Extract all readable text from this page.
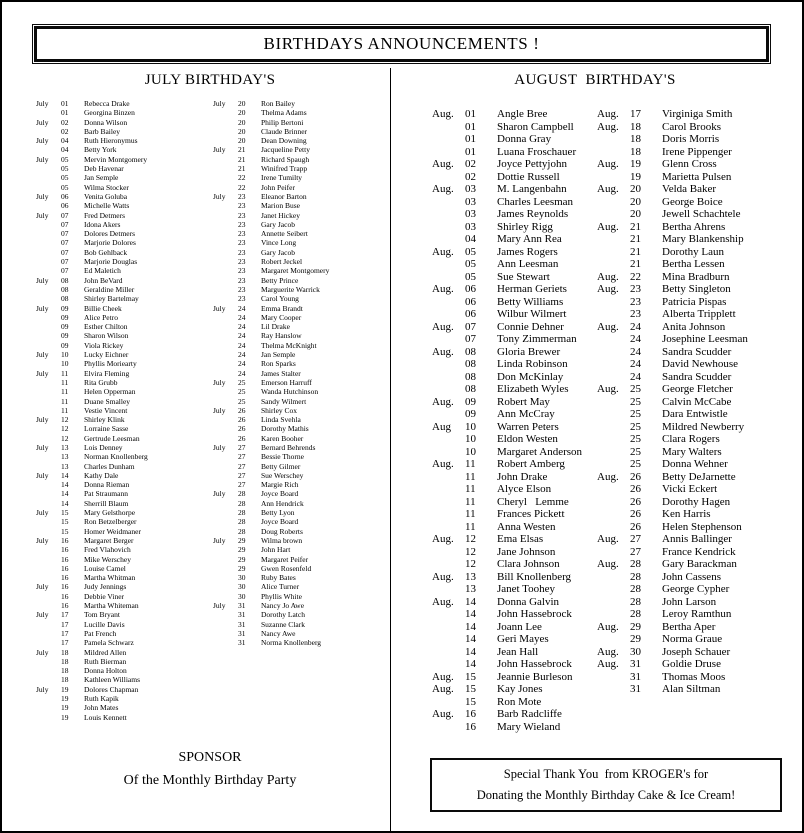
BIRTHDAYS ANNOUNCEMENTS !
JULY BIRTHDAY'S	AUGUST  BIRTHDAY'S
July	01	Rebecca Drake
01	Georgina Binzen
July	02	Donna Wilson
02	Barb Bailey
July	04	Ruth Hieronymus
04	Betty York
July	05	Mervin Montgomery
05	Deb Havenar
05	Jan Semple
05	Wilma Stocker
July	06	Venita Goluba
06	Michelle Watts
July	07	Fred Detmers
07	Idona Akers
07	Dolores Detmers
07	Marjorie Dolores
07	Bob Gehlback
07	Marjorie Douglas
07	Ed Maletich
July	08	John BeVard
08	Geraldine Miller
08	Shirley Bartelmay
July	09	Billie Cheek
09	Alice Petro
09	Esther Chilton
09	Sharon Wilson
09	Viola Rickey
July	10	Lucky Eichner
10	Phyllis Moriearty
July	11	Elvira Fleming
11	Rita Grubb
11	Helen Opperman
11	Duane Smalley
11	Vestie Vincent
July	12	Shirley Klink
12	Lorraine Sasse
12	Gertrude Leesman
July	13	Lois Denney
13	Norman Knollenberg
13	Charles Dunham
July	14	Kathy Dale
14	Donna Rieman
14	Pat Straumann
14	Sherrill Blaum
July	15	Mary Gelsthorpe
15	Ron Betzelberger
15	Homer Weidmaner
July	16	Margaret Berger
16	Fred Vlahovich
16	Mike Werschey
16	Louise Camel
16	Martha Whitman
July	16	Judy Jennings
16	Debbie Viner
16	Martha Whiteman
July	17	Tom Bryant
17	Lucille Davis
17	Pat French
17	Pamela Schwarz
July	18	Mildred Allen
18	Ruth Bierman
18	Donna Holton
18	Kathleen Williams
July	19	Dolores Chapman
19	Ruth Kapik
19	John Mates
19	Louis Kennett
July	20	Ron Bailey
20	Thelma Adams
20	Philip Bertoni
20	Claude Brinner
20	Dean Downing
July	21	Jacqueline Petty
21	Richard Spaugh
21	Winifred Trapp
22	Irene Tumilty
22	John Peifer
July	23	Eleanor Barton
23	Marion Buse
23	Janet Hickey
23	Gary Jacob
23	Annette Seibert
23	Vince Long
23	Gary Jacob
23	Robert Jeckel
23	Margaret Montgomery
23	Betty Prince
23	Marguerite Warrick
23	Carol Young
July	24	Emma Brandt
24	Mary Cooper
24	Lil Drake
24	Ray Hanslow
24	Thelma McKnight
24	Jan Semple
24	Ron Sparks
24	James Stalter
July	25	Emerson Harruff
25	Wanda Hutchinson
25	Sandy Wilmert
July	26	Shirley Cox
26	Linda Svehla
26	Dorothy Mathis
26	Karen Booher
July	27	Bernard Behrends
27	Bessie Thorne
27	Betty Gilmer
27	Sue Werschey
27	Margie Rich
July	28	Joyce Board
28	Ann Hendrick
28	Betty Lyon
28	Joyce Board
28	Doug Roberts
July	29	Wilma brown
29	John Hart
29	Margaret Peifer
29	Gwen Rosenfeld
30	Ruby Bates
30	Alice Turner
30	Phyllis White
July	31	Nancy Jo Awe
31	Dorothy Latch
31	Suzanne Clark
31	Nancy Awe
31	Norma Knollenberg
Aug.	01	Angle Bree
01	Sharon Campbell
01	Donna Gray
01	Luana Froschauer
Aug.	02	Joyce Pettyjohn
02	Dottie Russell
Aug.	03	M. Langenbahn
03	Charles Leesman
03	James Reynolds
03	Shirley Rigg
04	Mary Ann Rea
Aug.	05	James Rogers
05	Ann Leesman
05	Sue Stewart
Aug.	06	Herman Geriets
06	Betty Williams
06	Wilbur Wilmert
Aug.	07	Connie Dehner
07	Tony Zimmerman
Aug.	08	Gloria Brewer
08	Linda Robinson
08	Don McKinlay
08	Elizabeth Wyles
Aug.	09	Robert May
09	Ann McCray
Aug	10	Warren Peters
10	Eldon Westen
10	Margaret Anderson
Aug.	11	Robert Amberg
11	John Drake
11	Alyce Elson
11	Cheryl   Lemme
11	Frances Pickett
11	Anna Westen
Aug.	12	Ema Elsas
12	Jane Johnson
12	Clara Johnson
Aug.	13	Bill Knollenberg
13	Janet Toohey
Aug.	14	Donna Galvin
14	John Hassebrock
14	Joann Lee
14	Geri Mayes
14	Jean Hall
14	John Hassebrock
Aug.	15	Jeannie Burleson
Aug.	15	Kay Jones
15	Ron Mote
Aug.	16	Barb Radcliffe
16	Mary Wieland
Aug.	17	Virginiga Smith
Aug.	18	Carol Brooks
18	Doris Morris
18	Irene Pippenger
Aug.	19	Glenn Cross
19	Marietta Pulsen
Aug.	20	Velda Baker
20	George Boice
20	Jewell Schachtele
Aug.	21	Bertha Ahrens
21	Mary Blankenship
21	Dorothy Laun
21	Bertha Lessen
Aug.	22	Mina Bradburn
Aug.	23	Betty Singleton
23	Patricia Pispas
23	Alberta Tripplett
Aug.	24	Anita Johnson
24	Josephine Leesman
24	Sandra Scudder
24	David Newhouse
24	Sandra Scudder
Aug.	25	George Fletcher
25	Calvin McCabe
25	Dara Entwistle
25	Mildred Newberry
25	Clara Rogers
25	Mary Walters
25	Donna Wehner
Aug.	26	Betty DeJarnette
26	Vicki Eckert
26	Dorothy Hagen
26	Ken Harris
26	Helen Stephenson
Aug.	27	Annis Ballinger
27	France Kendrick
Aug.	28	Gary Barackman
28	John Cassens
28	George Cypher
28	John Larson
28	Leroy Ramthun
Aug.	29	Bertha Aper
29	Norma Graue
Aug.	30	Joseph Schauer
Aug.	31	Goldie Druse
31	Thomas Moos
31	Alan Siltman
SPONSOR
Of the Monthly Birthday Party	Special Thank You  from KROGER's for
Donating the Monthly Birthday Cake & Ice Cream!
